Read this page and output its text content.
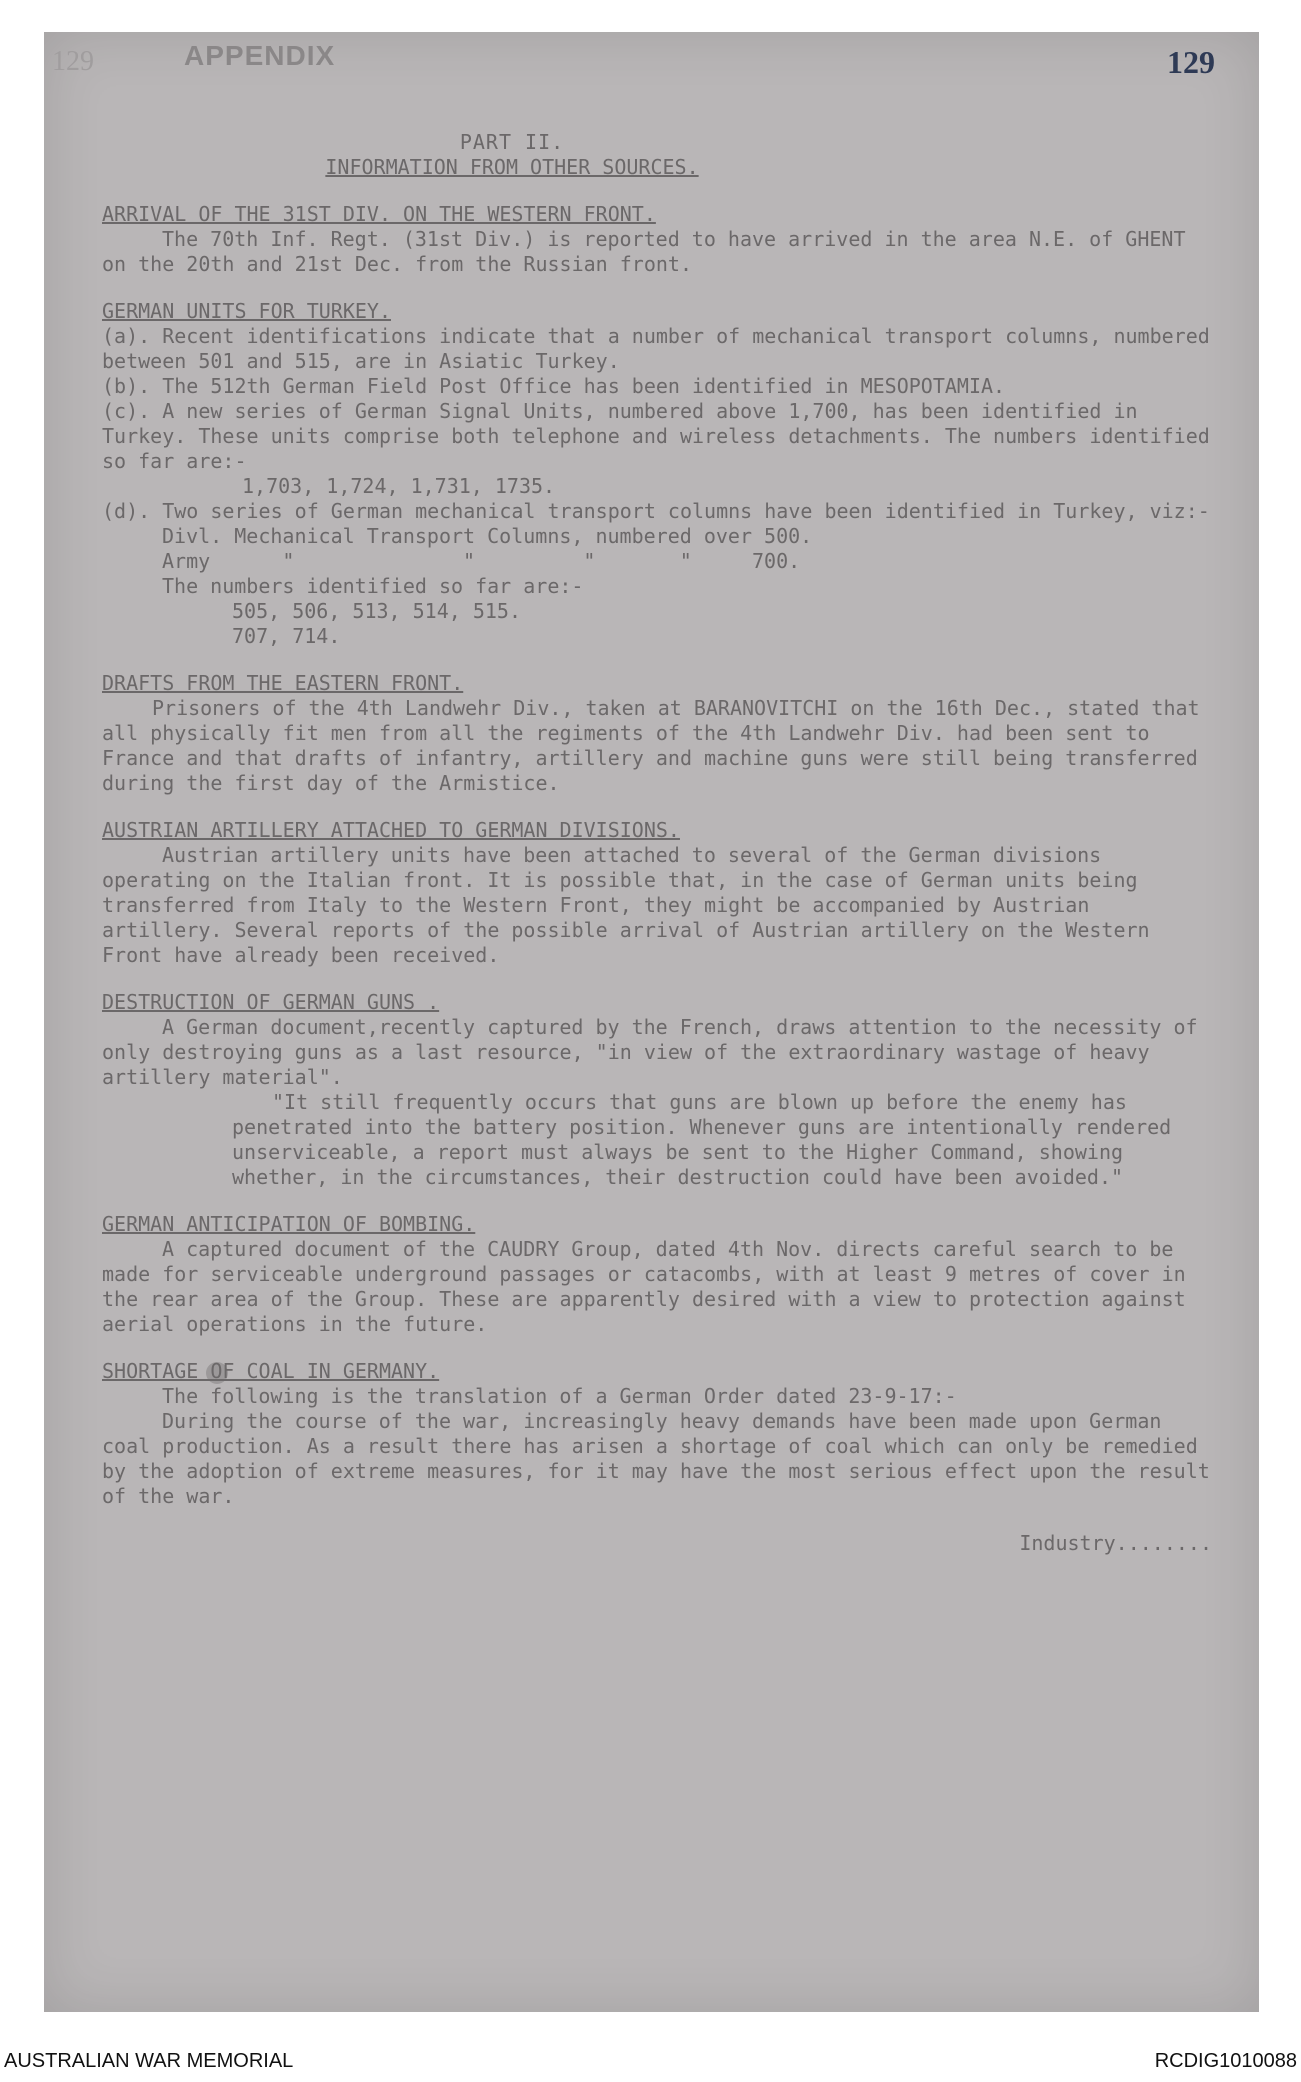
129	APPENDIX	129
PART II.
INFORMATION FROM OTHER SOURCES.
ARRIVAL OF THE 31ST DIV. ON THE WESTERN FRONT.

The 70th Inf. Regt. (31st Div.) is reported to have arrived in the area N.E. of GHENT on the 20th and 21st Dec. from the Russian front.

GERMAN UNITS FOR TURKEY.

(a). Recent identifications indicate that a number of mechanical transport columns, numbered between 501 and 515, are in Asiatic Turkey.

(b). The 512th German Field Post Office has been identified in MESOPOTAMIA.

(c). A new series of German Signal Units, numbered above 1,700, has been identified in Turkey. These units comprise both telephone and wireless detachments. The numbers identified so far are:-

1,703, 1,724, 1,731, 1735.

(d). Two series of German mechanical transport columns have been identified in Turkey, viz:-

Divl. Mechanical Transport Columns, numbered over 500.

Army      "              "         "       "     700.

The numbers identified so far are:-

505, 506, 513, 514, 515.

707, 714.

DRAFTS FROM THE EASTERN FRONT.

Prisoners of the 4th Landwehr Div., taken at BARANOVITCHI on the 16th Dec., stated that all physically fit men from all the regiments of the 4th Landwehr Div. had been sent to France and that drafts of infantry, artillery and machine guns were still being transferred during the first day of the Armistice.

AUSTRIAN ARTILLERY ATTACHED TO GERMAN DIVISIONS.

Austrian artillery units have been attached to several of the German divisions operating on the Italian front. It is possible that, in the case of German units being transferred from Italy to the Western Front, they might be accompanied by Austrian artillery. Several reports of the possible arrival of Austrian artillery on the Western Front have already been received.

DESTRUCTION OF GERMAN GUNS .

A German document,recently captured by the French, draws attention to the necessity of only destroying guns as a last resource, "in view of the extraordinary wastage of heavy artillery material".

"It still frequently occurs that guns are blown up before the enemy has penetrated into the battery position. Whenever guns are intentionally rendered unserviceable, a report must always be sent to the Higher Command, showing whether, in the circumstances, their destruction could have been avoided."

GERMAN ANTICIPATION OF BOMBING.

A captured document of the CAUDRY Group, dated 4th Nov. directs careful search to be made for serviceable underground passages or catacombs, with at least 9 metres of cover in the rear area of the Group. These are apparently desired with a view to protection against aerial operations in the future.

SHORTAGE OF COAL IN GERMANY.

The following is the translation of a German Order dated 23-9-17:-

During the course of the war, increasingly heavy demands have been made upon German coal production. As a result there has arisen a shortage of coal which can only be remedied by the adoption of extreme measures, for it may have the most serious effect upon the result of the war.

Industry........
AUSTRALIAN WAR MEMORIAL	RCDIG1010088
